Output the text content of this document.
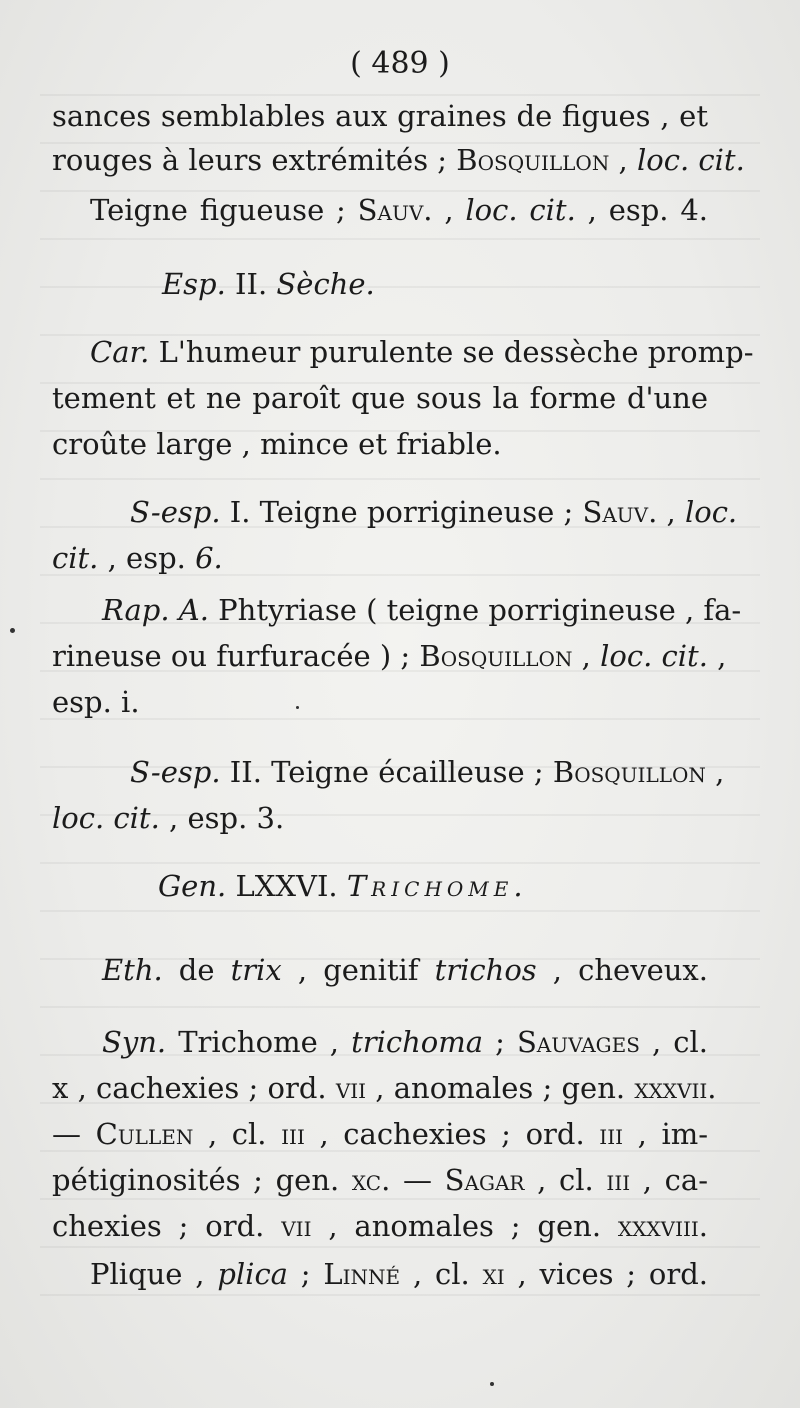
( 489 )
sances semblables aux graines de figues , et
rouges à leurs extrémités ; Bosquillon , loc. cit.
Teigne figueuse ; Sauv. , loc. cit. , esp. 4.
Esp. II. Sèche.
Car. L'humeur purulente se dessèche promp-
tement et ne paroît que sous la forme d'une
croûte large , mince et friable.
S-esp. I. Teigne porrigineuse ; Sauv. , loc.
cit. , esp. 6.
Rap. A. Phtyriase ( teigne porrigineuse , fa-
rineuse ou furfuracée ) ; Bosquillon , loc. cit. ,
esp. i.
S-esp. II. Teigne écailleuse ; Bosquillon ,
loc. cit. , esp. 3.
Gen. LXXVI. Trichome.
Eth. de trix , genitif trichos , cheveux.
Syn. Trichome , trichoma ; Sauvages , cl.
x , cachexies ; ord. vii , anomales ; gen. xxxvii.
— Cullen , cl. iii , cachexies ; ord. iii , im-
pétiginosités ; gen. xc. — Sagar , cl. iii , ca-
chexies ; ord. vii , anomales ; gen. xxxviii.
Plique , plica ; Linné , cl. xi , vices ; ord.
